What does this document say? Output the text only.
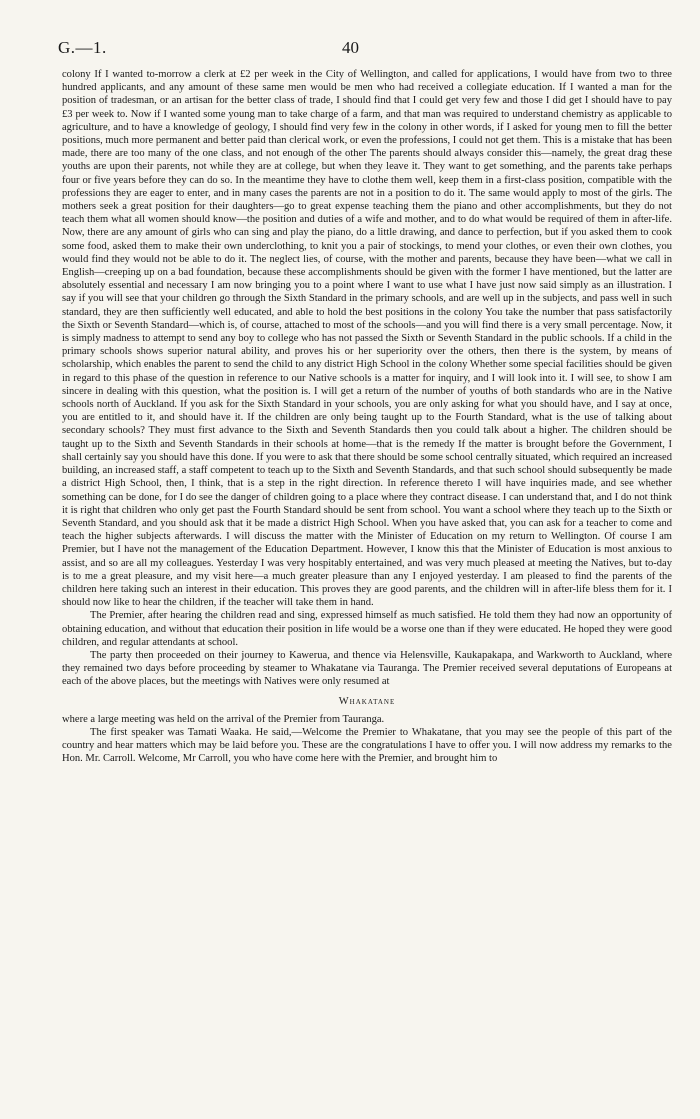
G.—1.	40

colony If I wanted to-morrow a clerk at £2 per week in the City of Wellington, and called for applications, I would have from two to three hundred applicants, and any amount of these same men would be men who had received a collegiate education. If I wanted a man for the position of tradesman, or an artisan for the better class of trade, I should find that I could get very few and those I did get I should have to pay £3 per week to. Now if I wanted some young man to take charge of a farm, and that man was required to understand chemistry as applicable to agriculture, and to have a knowledge of geology, I should find very few in the colony in other words, if I asked for young men to fill the better positions, much more permanent and better paid than clerical work, or even the professions, I could not get them. This is a mistake that has been made, there are too many of the one class, and not enough of the other The parents should always consider this—namely, the great drag these youths are upon their parents, not while they are at college, but when they leave it. They want to get something, and the parents take perhaps four or five years before they can do so. In the meantime they have to clothe them well, keep them in a first-class position, compatible with the professions they are eager to enter, and in many cases the parents are not in a position to do it. The same would apply to most of the girls. The mothers seek a great position for their daughters—go to great expense teaching them the piano and other accomplishments, but they do not teach them what all women should know—the position and duties of a wife and mother, and to do what would be required of them in after-life. Now, there are any amount of girls who can sing and play the piano, do a little drawing, and dance to perfection, but if you asked them to cook some food, asked them to make their own underclothing, to knit you a pair of stockings, to mend your clothes, or even their own clothes, you would find they would not be able to do it. The neglect lies, of course, with the mother and parents, because they have been—what we call in English—creeping up on a bad foundation, because these accomplishments should be given with the former I have mentioned, but the latter are absolutely essential and necessary I am now bringing you to a point where I want to use what I have just now said simply as an illustration. I say if you will see that your children go through the Sixth Standard in the primary schools, and are well up in the subjects, and pass well in such standard, they are then sufficiently well educated, and able to hold the best positions in the colony You take the number that pass satisfactorily the Sixth or Seventh Standard—which is, of course, attached to most of the schools—and you will find there is a very small percentage. Now, it is simply madness to attempt to send any boy to college who has not passed the Sixth or Seventh Standard in the public schools. If a child in the primary schools shows superior natural ability, and proves his or her superiority over the others, then there is the system, by means of scholarship, which enables the parent to send the child to any district High School in the colony Whether some special facilities should be given in regard to this phase of the question in reference to our Native schools is a matter for inquiry, and I will look into it. I will see, to show I am sincere in dealing with this question, what the position is. I will get a return of the number of youths of both standards who are in the Native schools north of Auckland. If you ask for the Sixth Standard in your schools, you are only asking for what you should have, and I say at once, you are entitled to it, and should have it. If the children are only being taught up to the Fourth Standard, what is the use of talking about secondary schools? They must first advance to the Sixth and Seventh Standards then you could talk about a higher. The children should be taught up to the Sixth and Seventh Standards in their schools at home—that is the remedy If the matter is brought before the Government, I shall certainly say you should have this done. If you were to ask that there should be some school centrally situated, which required an increased building, an increased staff, a staff competent to teach up to the Sixth and Seventh Standards, and that such school should subsequently be made a district High School, then, I think, that is a step in the right direction. In reference thereto I will have inquiries made, and see whether something can be done, for I do see the danger of children going to a place where they contract disease. I can understand that, and I do not think it is right that children who only get past the Fourth Standard should be sent from school. You want a school where they teach up to the Sixth or Seventh Standard, and you should ask that it be made a district High School. When you have asked that, you can ask for a teacher to come and teach the higher subjects afterwards. I will discuss the matter with the Minister of Education on my return to Wellington. Of course I am Premier, but I have not the management of the Education Department. However, I know this that the Minister of Education is most anxious to assist, and so are all my colleagues. Yesterday I was very hospitably entertained, and was very much pleased at meeting the Natives, but to-day is to me a great pleasure, and my visit here—a much greater pleasure than any I enjoyed yesterday. I am pleased to find the parents of the children here taking such an interest in their education. This proves they are good parents, and the children will in after-life bless them for it. I should now like to hear the children, if the teacher will take them in hand.

The Premier, after hearing the children read and sing, expressed himself as much satisfied. He told them they had now an opportunity of obtaining education, and without that education their position in life would be a worse one than if they were educated. He hoped they were good children, and regular attendants at school.

The party then proceeded on their journey to Kawerua, and thence via Helensville, Kaukapakapa, and Warkworth to Auckland, where they remained two days before proceeding by steamer to Whakatane via Tauranga. The Premier received several deputations of Europeans at each of the above places, but the meetings with Natives were only resumed at

Whakatane

where a large meeting was held on the arrival of the Premier from Tauranga.

The first speaker was Tamati Waaka. He said,—Welcome the Premier to Whakatane, that you may see the people of this part of the country and hear matters which may be laid before you. These are the congratulations I have to offer you. I will now address my remarks to the Hon. Mr. Carroll. Welcome, Mr Carroll, you who have come here with the Premier, and brought him to
